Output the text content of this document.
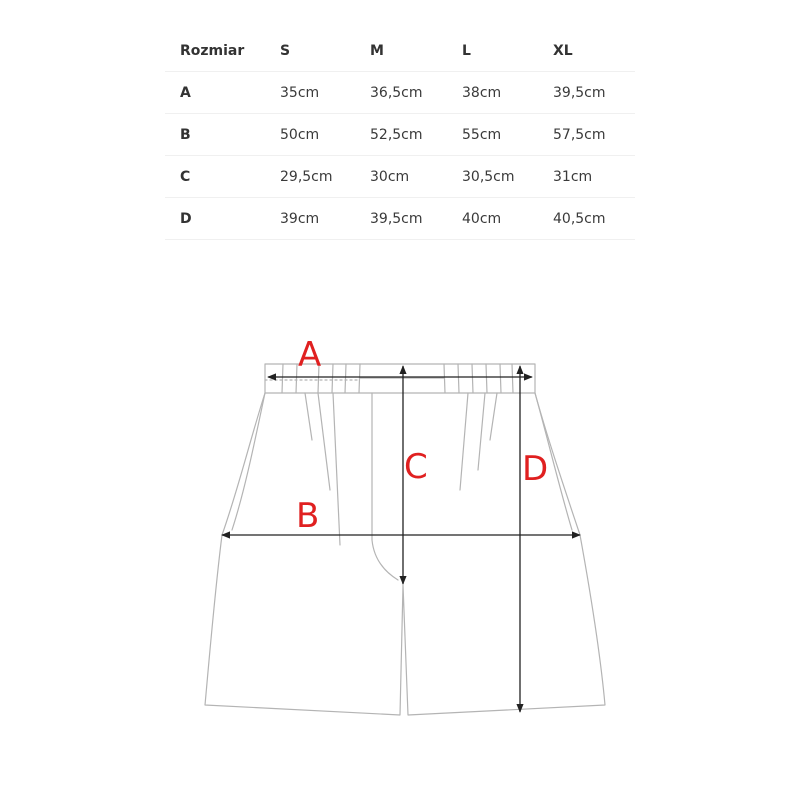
Rozmiar	S	M	L	XL
A	35cm	36,5cm	38cm	39,5cm
B	50cm	52,5cm	55cm	57,5cm
C	29,5cm	30cm	30,5cm	31cm
D	39cm	39,5cm	40cm	40,5cm
A
B
C	D
